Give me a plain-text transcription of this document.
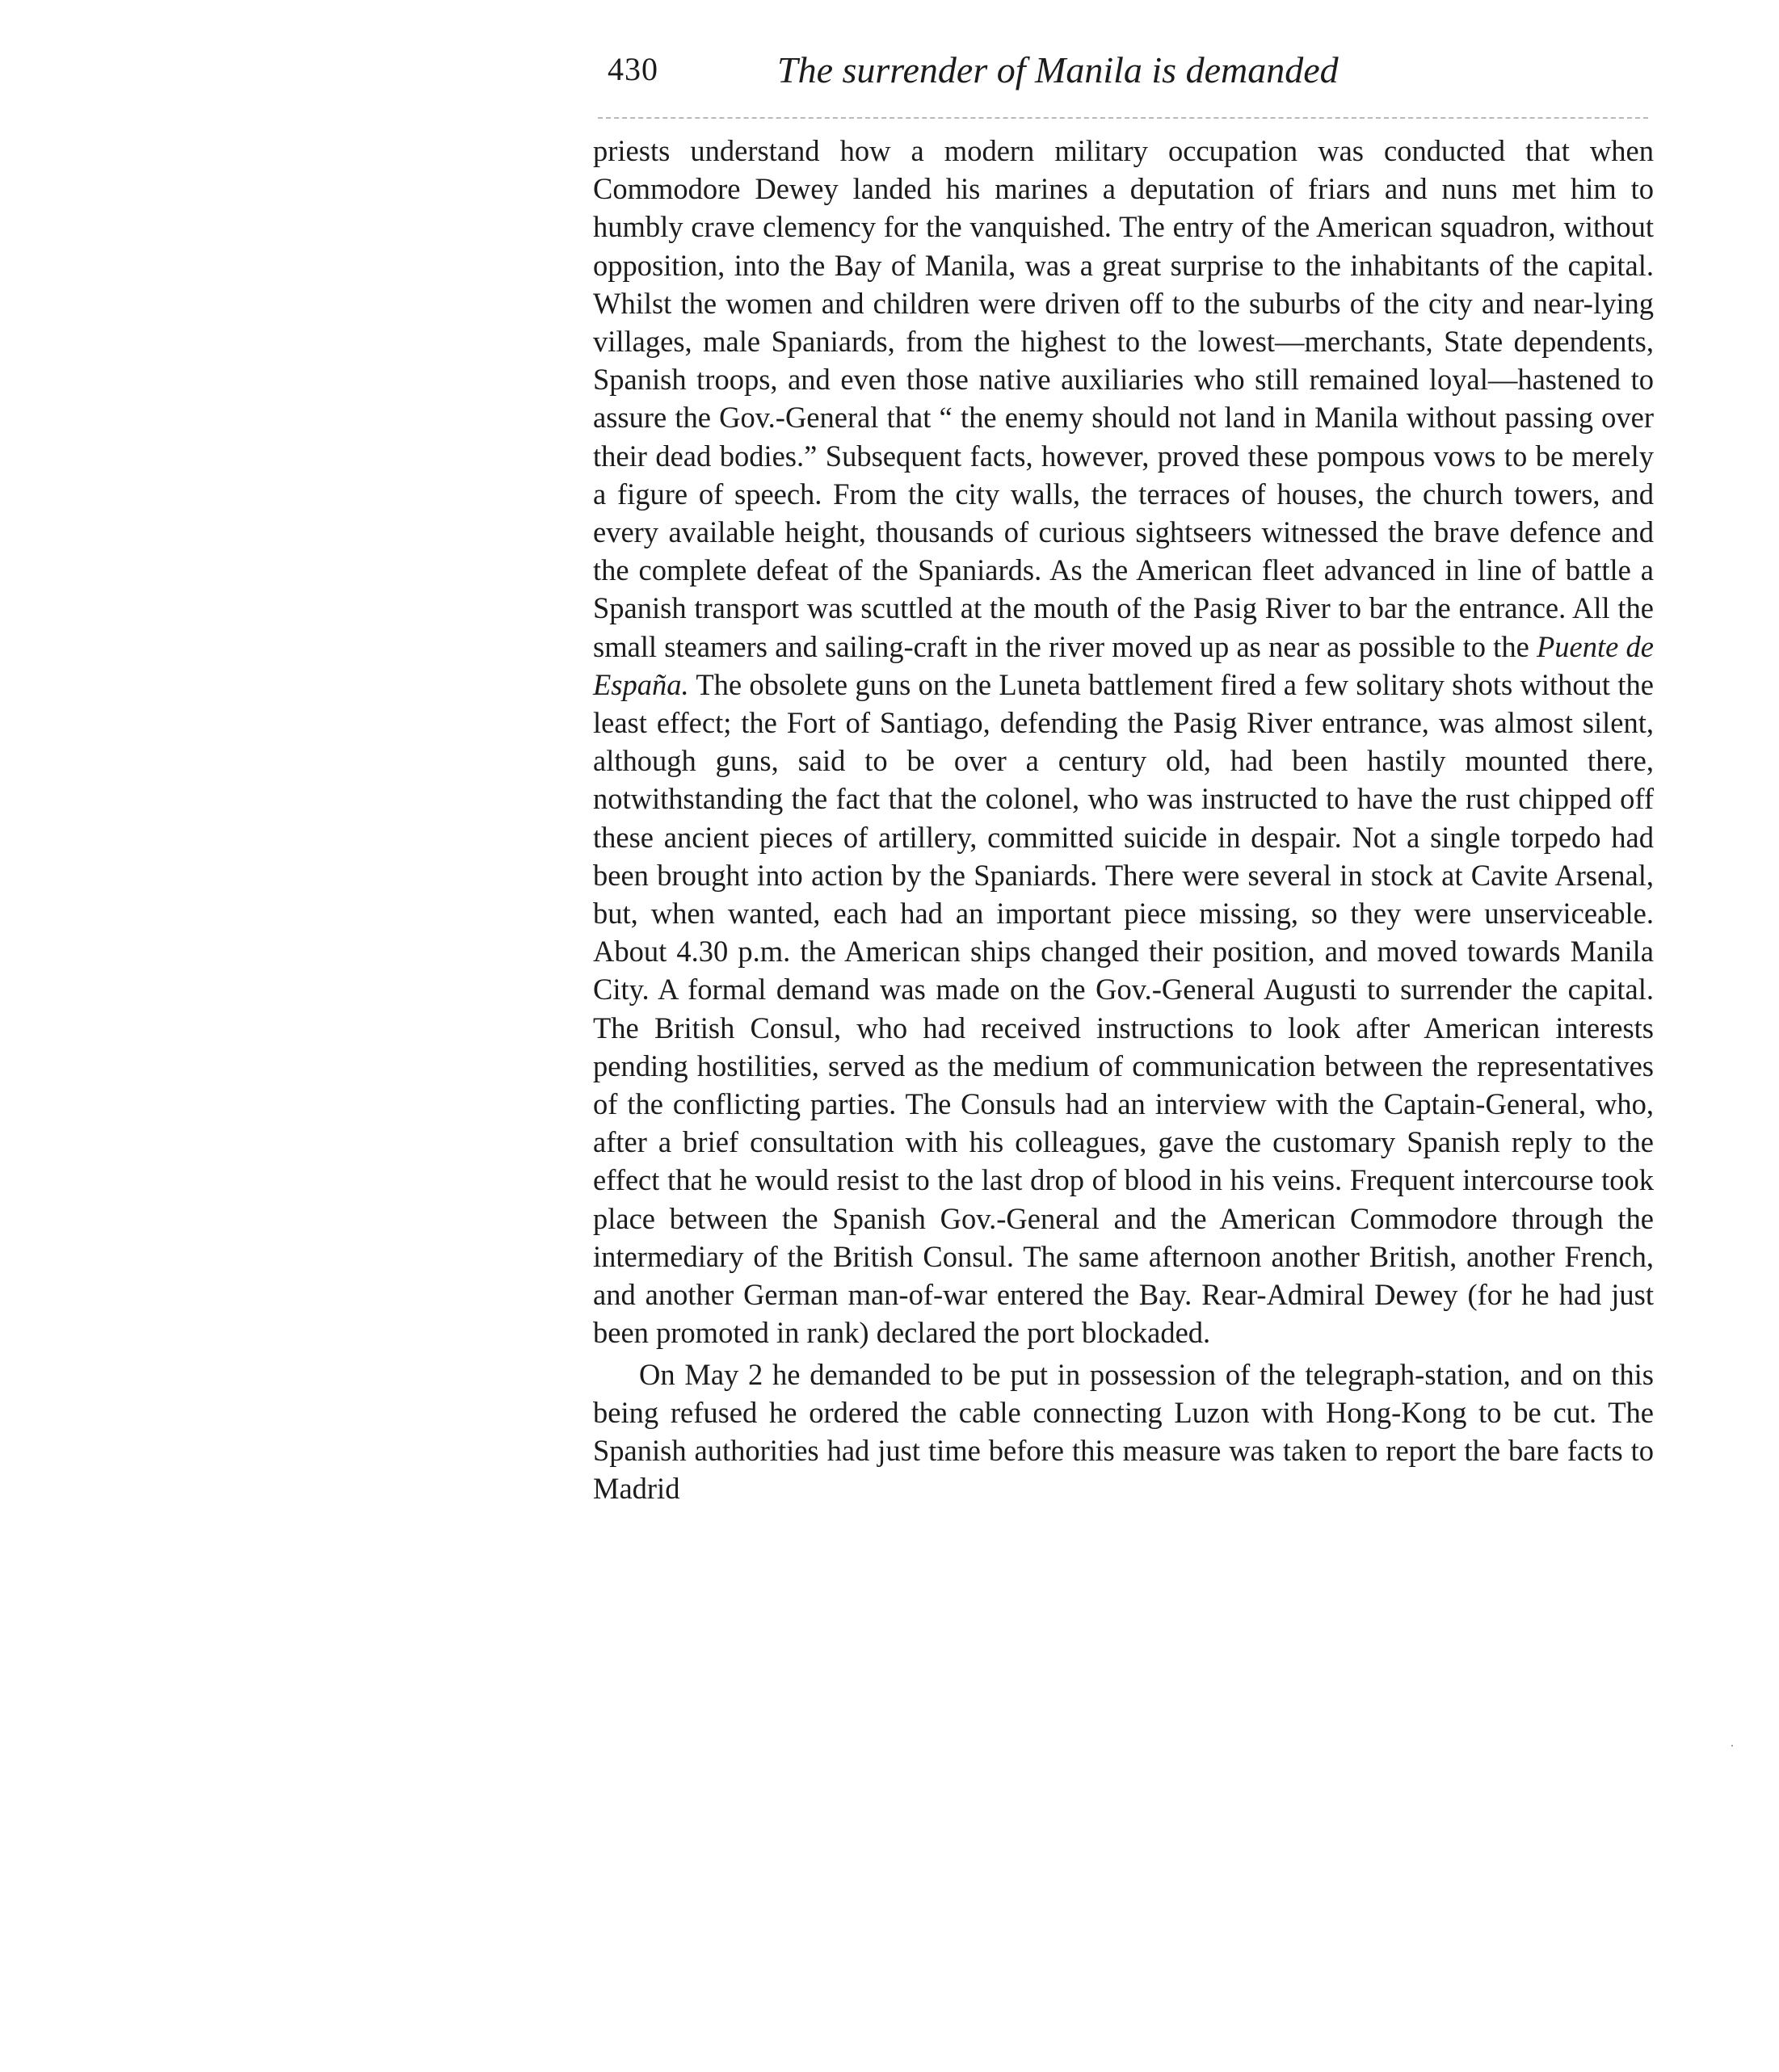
430	The surrender of Manila is demanded

priests understand how a modern military occupation was conducted that when Commodore Dewey landed his marines a deputation of friars and nuns met him to humbly crave clemency for the vanquished. The entry of the American squadron, without opposition, into the Bay of Manila, was a great surprise to the inhabitants of the capital. Whilst the women and children were driven off to the suburbs of the city and near-lying villages, male Spaniards, from the highest to the lowest—merchants, State dependents, Spanish troops, and even those native auxiliaries who still remained loyal—hastened to assure the Gov.-General that “ the enemy should not land in Manila without passing over their dead bodies.” Subsequent facts, however, proved these pompous vows to be merely a figure of speech. From the city walls, the terraces of houses, the church towers, and every available height, thousands of curious sightseers witnessed the brave defence and the complete defeat of the Spaniards. As the American fleet advanced in line of battle a Spanish transport was scuttled at the mouth of the Pasig River to bar the entrance. All the small steamers and sailing-craft in the river moved up as near as possible to the Puente de España. The obsolete guns on the Luneta battlement fired a few solitary shots without the least effect; the Fort of Santiago, defending the Pasig River entrance, was almost silent, although guns, said to be over a century old, had been hastily mounted there, notwithstanding the fact that the colonel, who was instructed to have the rust chipped off these ancient pieces of artillery, committed suicide in despair. Not a single torpedo had been brought into action by the Spaniards. There were several in stock at Cavite Arsenal, but, when wanted, each had an important piece missing, so they were unserviceable. About 4.30 p.m. the American ships changed their position, and moved towards Manila City. A formal demand was made on the Gov.-General Augusti to surrender the capital. The British Consul, who had received instructions to look after American interests pending hostilities, served as the medium of communication between the representatives of the conflicting parties. The Consuls had an interview with the Captain-General, who, after a brief consultation with his colleagues, gave the customary Spanish reply to the effect that he would resist to the last drop of blood in his veins. Frequent intercourse took place between the Spanish Gov.-General and the American Commodore through the intermediary of the British Consul. The same afternoon another British, another French, and another German man-of-war entered the Bay. Rear-Admiral Dewey (for he had just been promoted in rank) declared the port blockaded.

On May 2 he demanded to be put in possession of the telegraph-station, and on this being refused he ordered the cable connecting Luzon with Hong-Kong to be cut. The Spanish authorities had just time before this measure was taken to report the bare facts to Madrid
